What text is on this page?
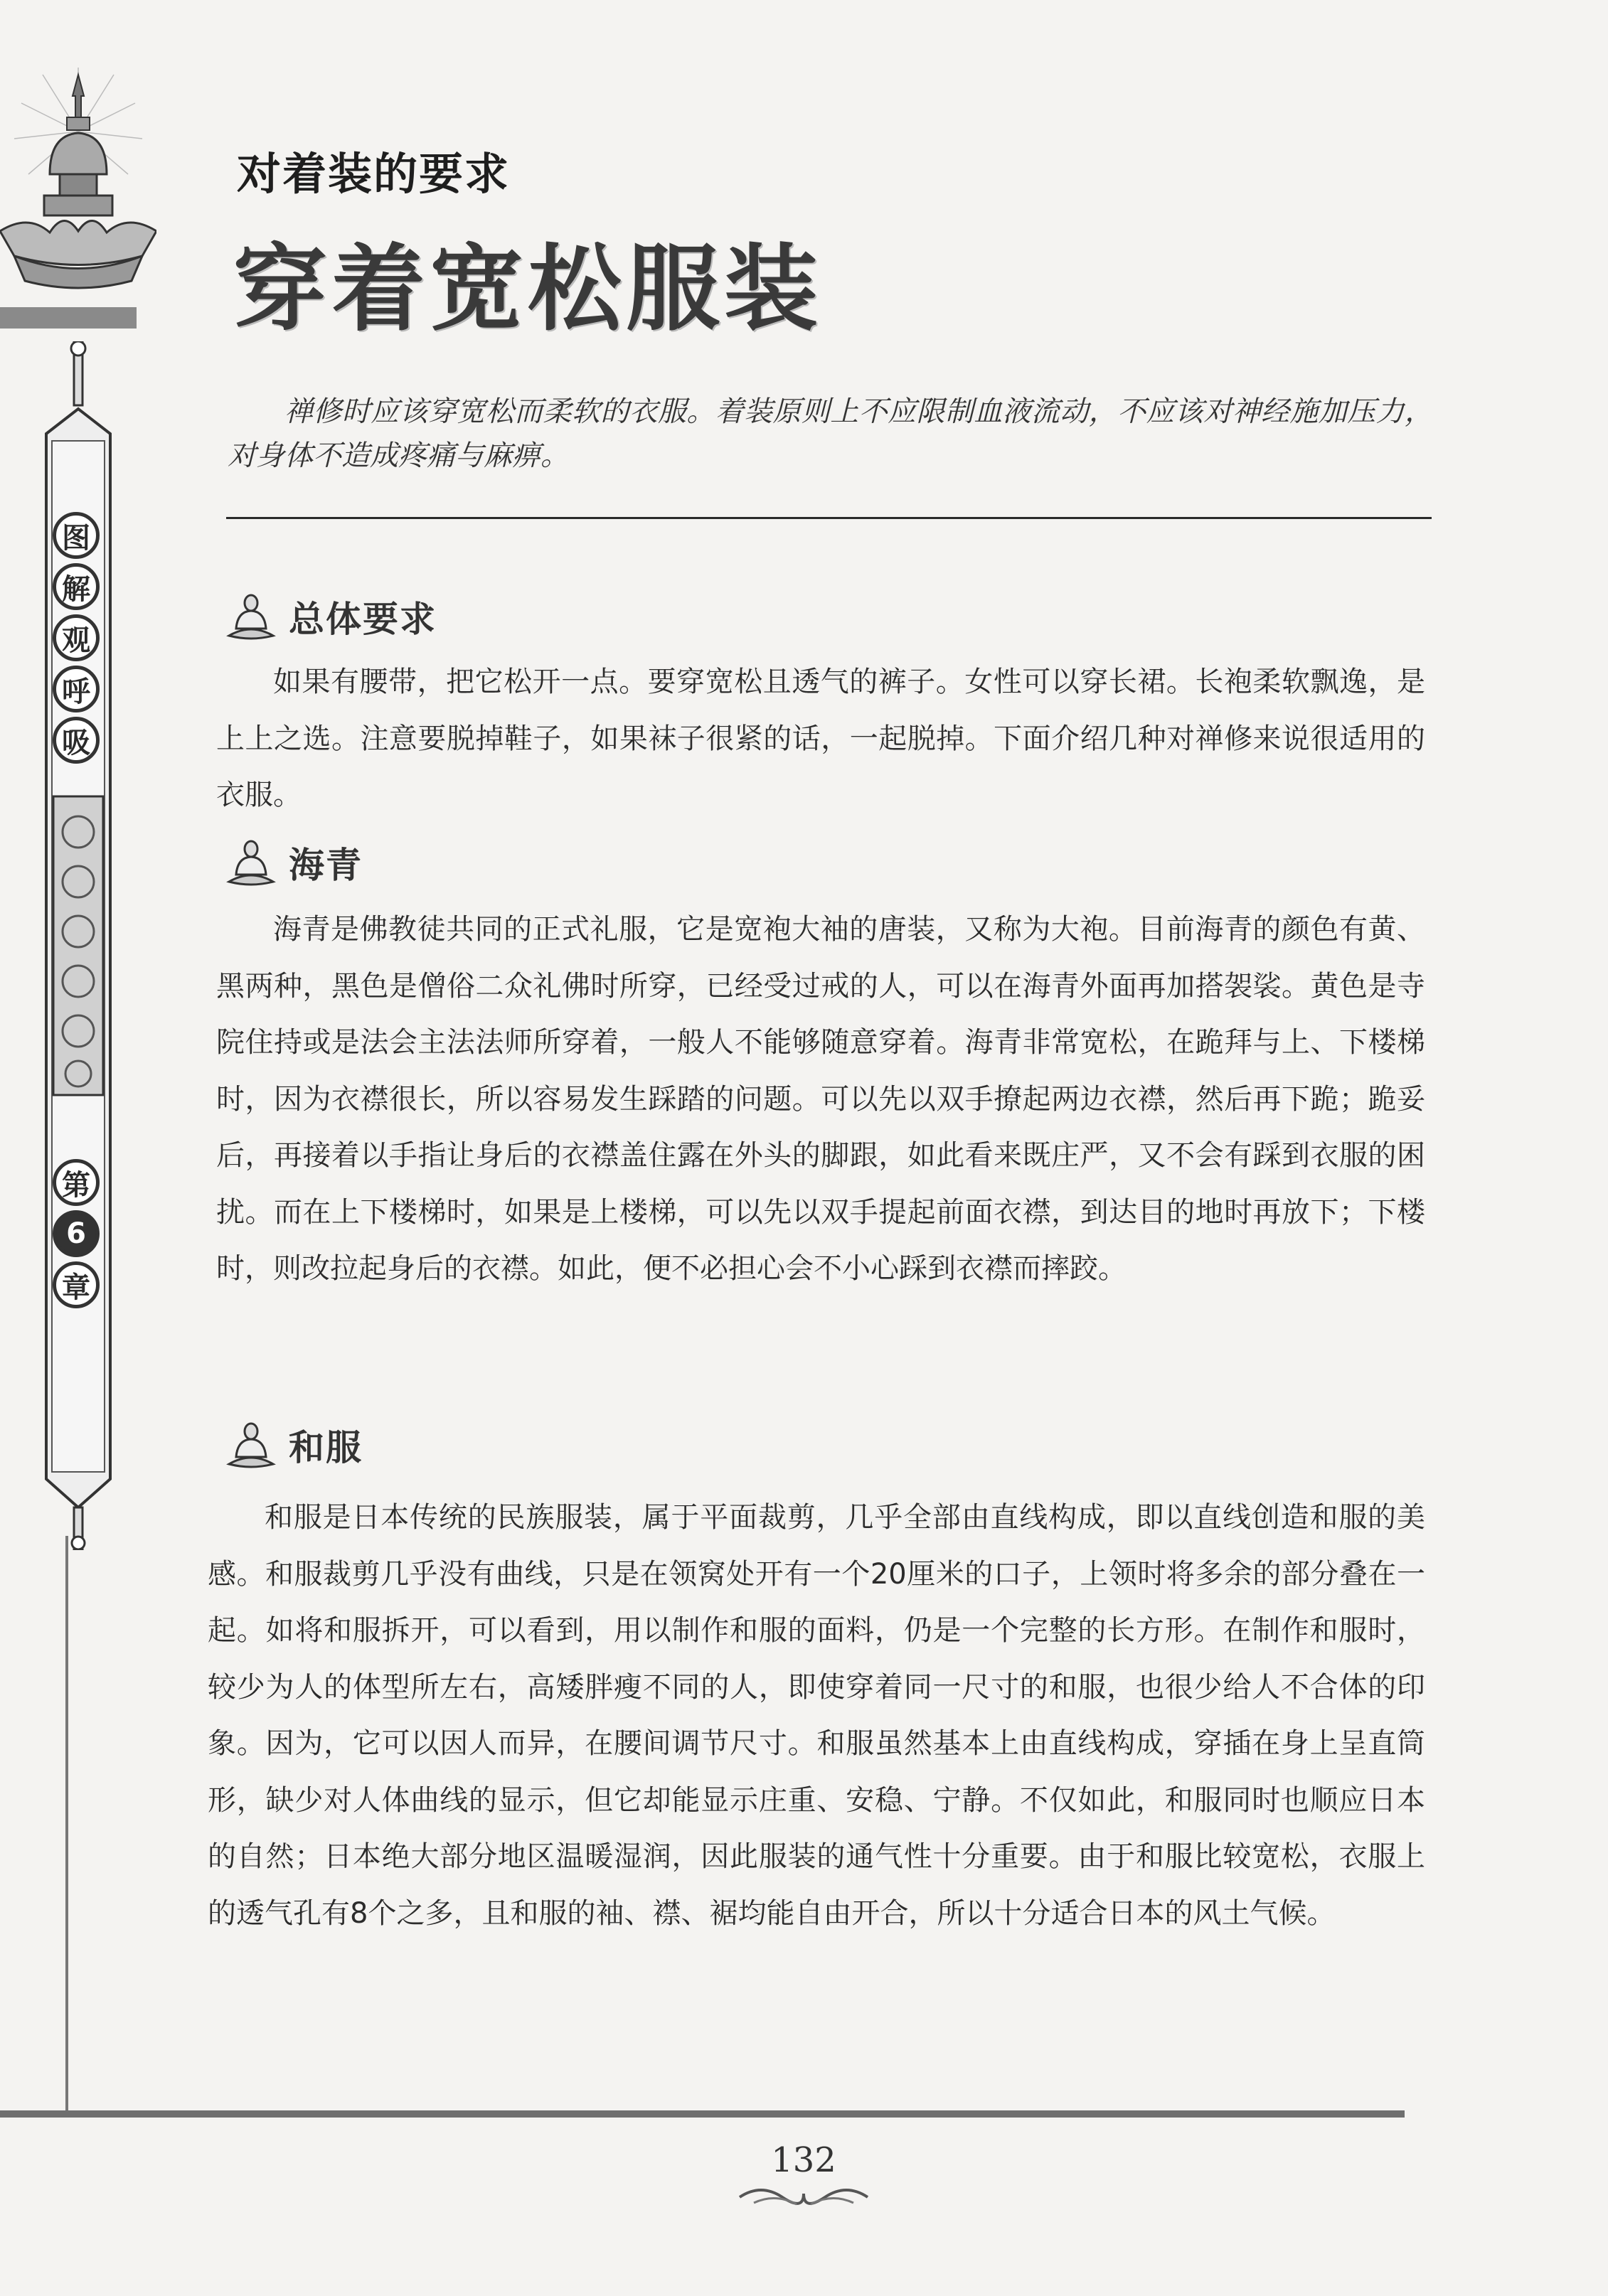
图
解
观
呼
吸
第
6
章
对着装的要求
穿着宽松服装
禅修时应该穿宽松而柔软的衣服。着装原则上不应限制血液流动，不应该对神经施加压力，对身体不造成疼痛与麻痹。
总体要求
如果有腰带，把它松开一点。要穿宽松且透气的裤子。女性可以穿长裙。长袍柔软飘逸，是上上之选。注意要脱掉鞋子，如果袜子很紧的话，一起脱掉。下面介绍几种对禅修来说很适用的衣服。
海青
海青是佛教徒共同的正式礼服，它是宽袍大袖的唐装，又称为大袍。目前海青的颜色有黄、黑两种，黑色是僧俗二众礼佛时所穿，已经受过戒的人，可以在海青外面再加搭袈裟。黄色是寺院住持或是法会主法法师所穿着，一般人不能够随意穿着。海青非常宽松，在跪拜与上、下楼梯时，因为衣襟很长，所以容易发生踩踏的问题。可以先以双手撩起两边衣襟，然后再下跪；跪妥后，再接着以手指让身后的衣襟盖住露在外头的脚跟，如此看来既庄严，又不会有踩到衣服的困扰。而在上下楼梯时，如果是上楼梯，可以先以双手提起前面衣襟，到达目的地时再放下；下楼时，则改拉起身后的衣襟。如此，便不必担心会不小心踩到衣襟而摔跤。
和服
和服是日本传统的民族服装，属于平面裁剪，几乎全部由直线构成，即以直线创造和服的美感。和服裁剪几乎没有曲线，只是在领窝处开有一个20厘米的口子，上领时将多余的部分叠在一起。如将和服拆开，可以看到，用以制作和服的面料，仍是一个完整的长方形。在制作和服时，较少为人的体型所左右，高矮胖瘦不同的人，即使穿着同一尺寸的和服，也很少给人不合体的印象。因为，它可以因人而异，在腰间调节尺寸。和服虽然基本上由直线构成，穿插在身上呈直筒形，缺少对人体曲线的显示，但它却能显示庄重、安稳、宁静。不仅如此，和服同时也顺应日本的自然；日本绝大部分地区温暖湿润，因此服装的通气性十分重要。由于和服比较宽松，衣服上的透气孔有8个之多，且和服的袖、襟、裾均能自由开合，所以十分适合日本的风土气候。
132
